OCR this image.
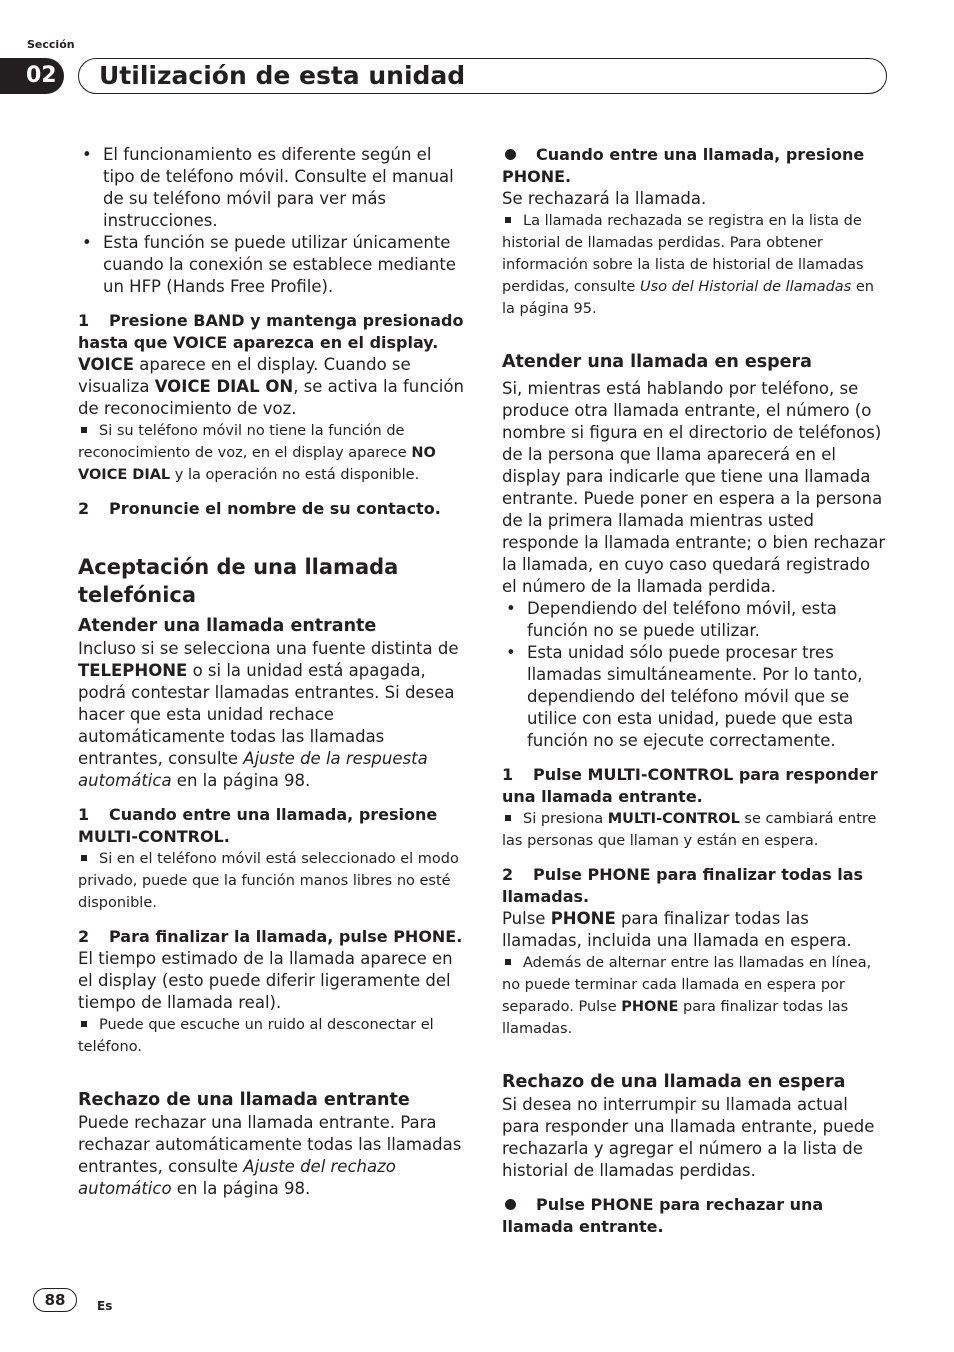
Sección
02	Utilización de esta unidad

• El funcionamiento es diferente según el tipo de teléfono móvil. Consulte el manual de su teléfono móvil para ver más instrucciones.

• Esta función se puede utilizar únicamente cuando la conexión se establece mediante un HFP (Hands Free Profile).

1 Presione BAND y mantenga presionado hasta que VOICE aparezca en el display.

VOICE aparece en el display. Cuando se visualiza VOICE DIAL ON, se activa la función de reconocimiento de voz.

Si su teléfono móvil no tiene la función de reconocimiento de voz, en el display aparece NO VOICE DIAL y la operación no está disponible.

2 Pronuncie el nombre de su contacto.

Aceptación de una llamada telefónica

Atender una llamada entrante

Incluso si se selecciona una fuente distinta de TELEPHONE o si la unidad está apagada, podrá contestar llamadas entrantes. Si desea hacer que esta unidad rechace automáticamente todas las llamadas entrantes, consulte Ajuste de la respuesta automática en la página 98.

1 Cuando entre una llamada, presione MULTI-CONTROL.

Si en el teléfono móvil está seleccionado el modo privado, puede que la función manos libres no esté disponible.

2 Para finalizar la llamada, pulse PHONE.

El tiempo estimado de la llamada aparece en el display (esto puede diferir ligeramente del tiempo de llamada real).

Puede que escuche un ruido al desconectar el teléfono.

Rechazo de una llamada entrante

Puede rechazar una llamada entrante. Para rechazar automáticamente todas las llamadas entrantes, consulte Ajuste del rechazo automático en la página 98.

Cuando entre una llamada, presione PHONE.

Se rechazará la llamada.

La llamada rechazada se registra en la lista de historial de llamadas perdidas. Para obtener información sobre la lista de historial de llamadas perdidas, consulte Uso del Historial de llamadas en la página 95.

Atender una llamada en espera

Si, mientras está hablando por teléfono, se produce otra llamada entrante, el número (o nombre si figura en el directorio de teléfonos) de la persona que llama aparecerá en el display para indicarle que tiene una llamada entrante. Puede poner en espera a la persona de la primera llamada mientras usted responde la llamada entrante; o bien rechazar la llamada, en cuyo caso quedará registrado el número de la llamada perdida.

• Dependiendo del teléfono móvil, esta función no se puede utilizar.

• Esta unidad sólo puede procesar tres llamadas simultáneamente. Por lo tanto, dependiendo del teléfono móvil que se utilice con esta unidad, puede que esta función no se ejecute correctamente.

1 Pulse MULTI-CONTROL para responder una llamada entrante.

Si presiona MULTI-CONTROL se cambiará entre las personas que llaman y están en espera.

2 Pulse PHONE para finalizar todas las llamadas.

Pulse PHONE para finalizar todas las llamadas, incluida una llamada en espera.

Además de alternar entre las llamadas en línea, no puede terminar cada llamada en espera por separado. Pulse PHONE para finalizar todas las llamadas.

Rechazo de una llamada en espera

Si desea no interrumpir su llamada actual para responder una llamada entrante, puede rechazarla y agregar el número a la lista de historial de llamadas perdidas.

Pulse PHONE para rechazar una llamada entrante.

88	Es
